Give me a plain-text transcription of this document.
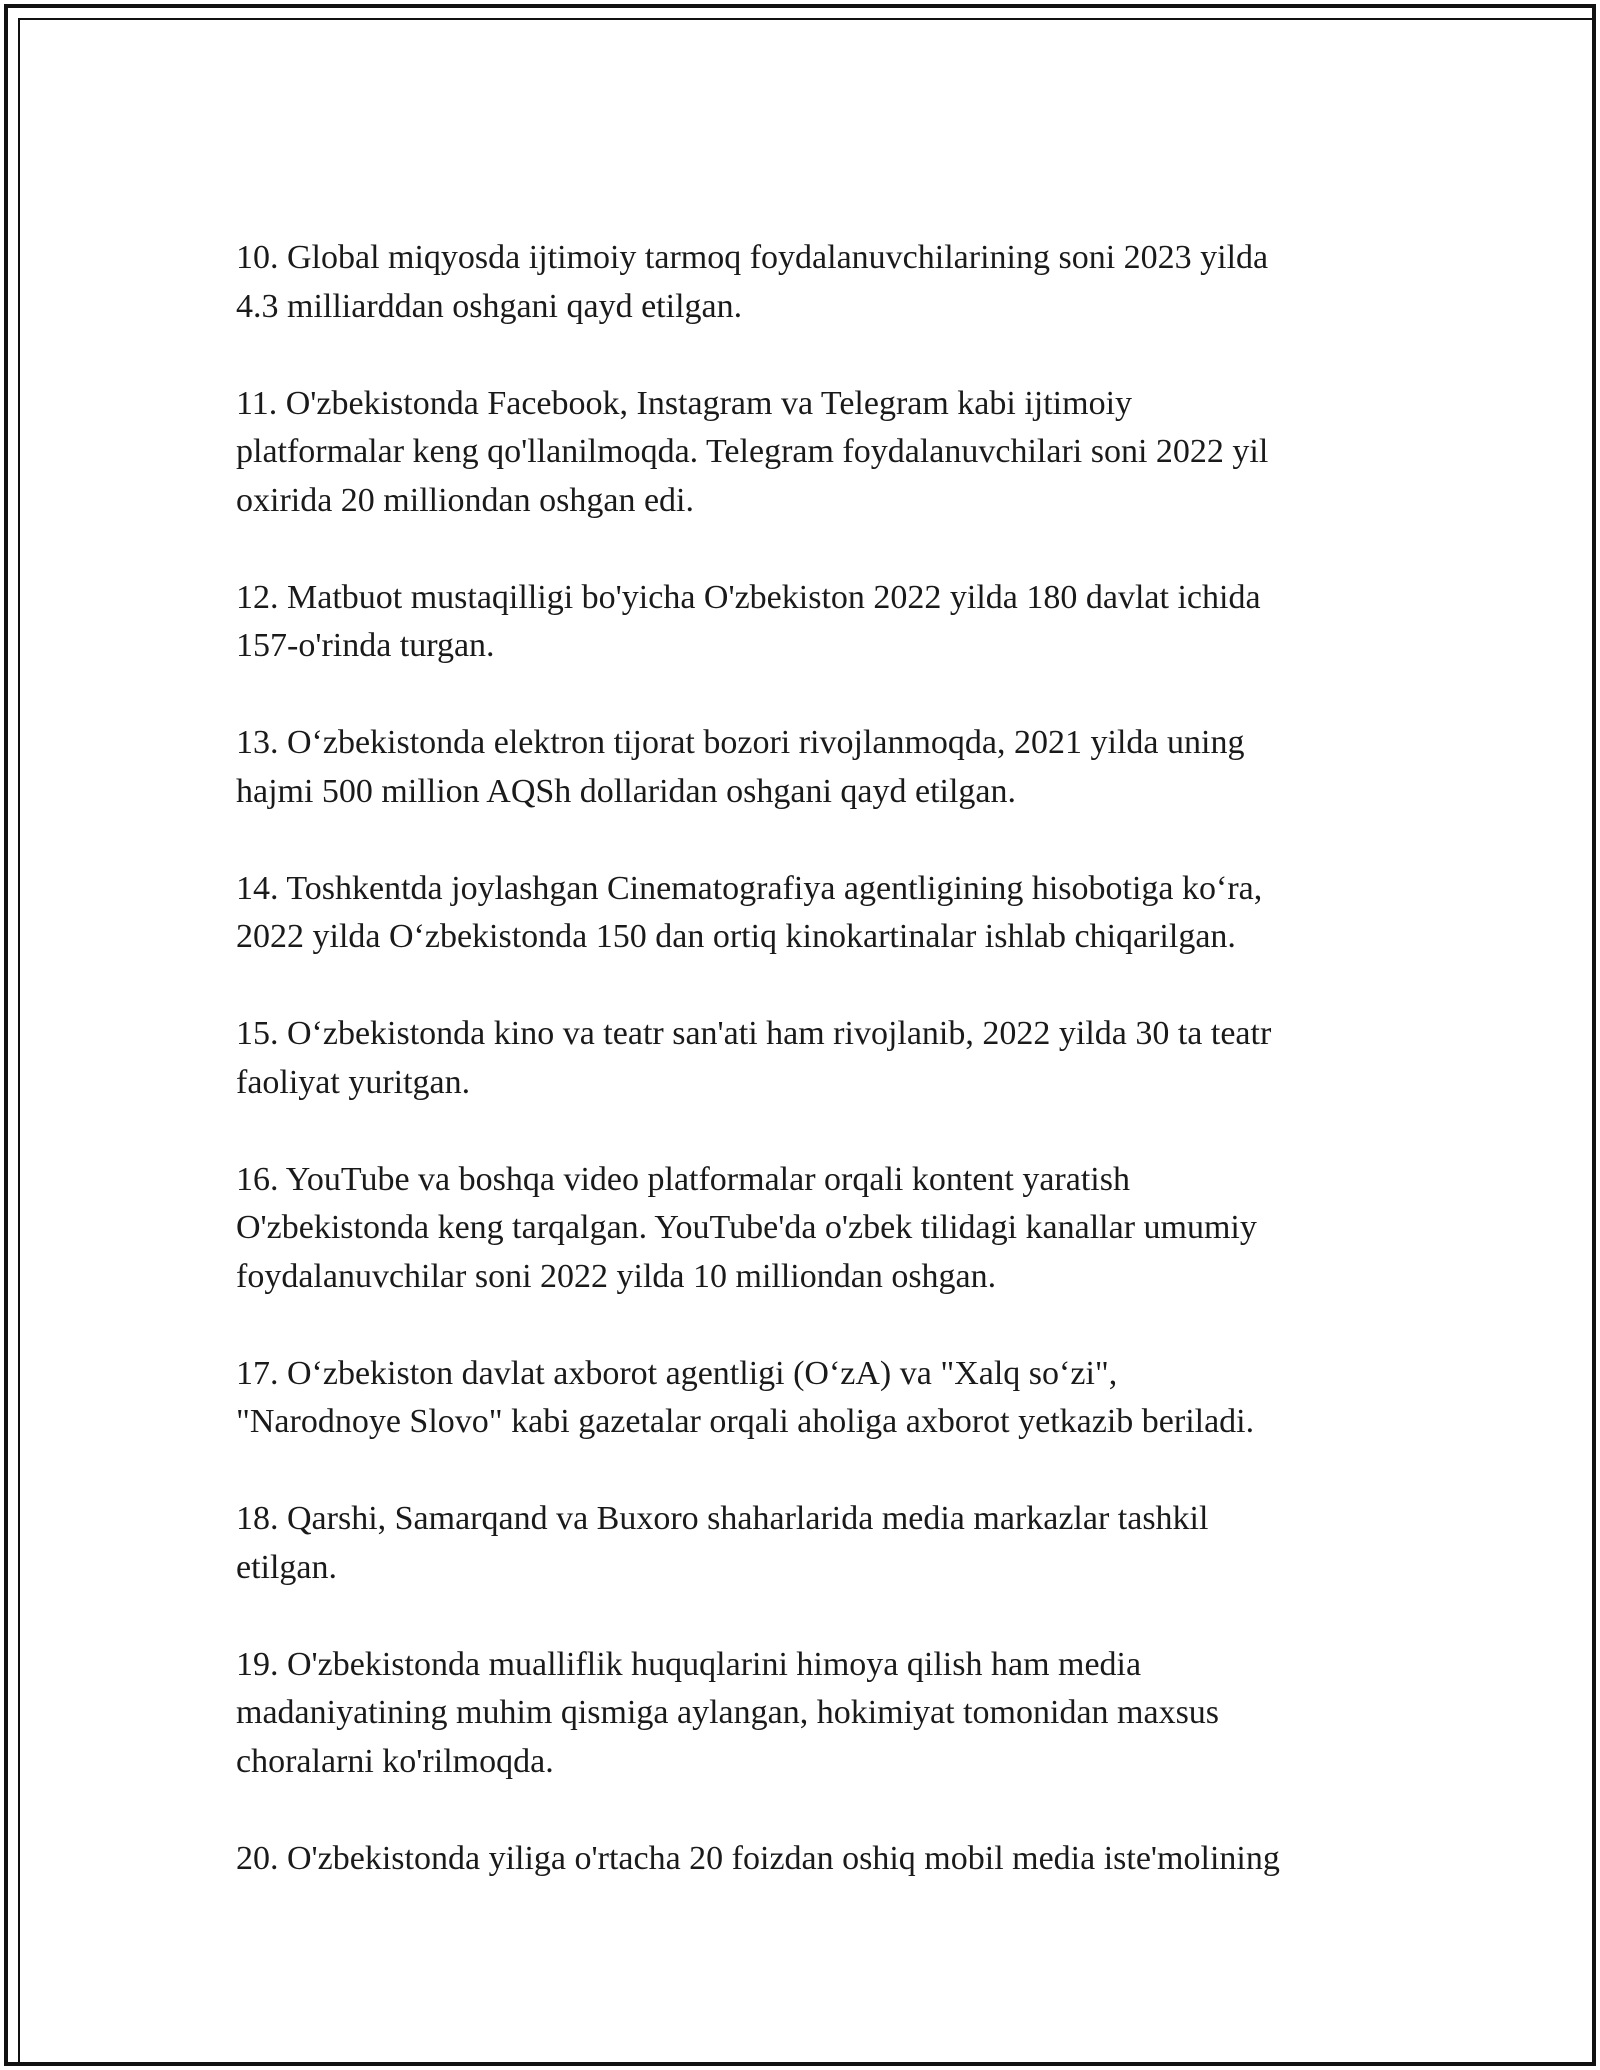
10. Global miqyosda ijtimoiy tarmoq foydalanuvchilarining soni 2023 yilda
4.3 milliarddan oshgani qayd etilgan.

11. O'zbekistonda Facebook, Instagram va Telegram kabi ijtimoiy
platformalar keng qo'llanilmoqda. Telegram foydalanuvchilari soni 2022 yil
oxirida 20 milliondan oshgan edi.

12. Matbuot mustaqilligi bo'yicha O'zbekiston 2022 yilda 180 davlat ichida
157-o'rinda turgan.

13. O‘zbekistonda elektron tijorat bozori rivojlanmoqda, 2021 yilda uning
hajmi 500 million AQSh dollaridan oshgani qayd etilgan.

14. Toshkentda joylashgan Cinematografiya agentligining hisobotiga ko‘ra,
2022 yilda O‘zbekistonda 150 dan ortiq kinokartinalar ishlab chiqarilgan.

15. O‘zbekistonda kino va teatr san'ati ham rivojlanib, 2022 yilda 30 ta teatr
faoliyat yuritgan.

16. YouTube va boshqa video platformalar orqali kontent yaratish
O'zbekistonda keng tarqalgan. YouTube'da o'zbek tilidagi kanallar umumiy
foydalanuvchilar soni 2022 yilda 10 milliondan oshgan.

17. O‘zbekiston davlat axborot agentligi (O‘zA) va "Xalq so‘zi",
"Narodnoye Slovo" kabi gazetalar orqali aholiga axborot yetkazib beriladi.

18. Qarshi, Samarqand va Buxoro shaharlarida media markazlar tashkil
etilgan.

19. O'zbekistonda mualliflik huquqlarini himoya qilish ham media
madaniyatining muhim qismiga aylangan, hokimiyat tomonidan maxsus
choralarni ko'rilmoqda.

20. O'zbekistonda yiliga o'rtacha 20 foizdan oshiq mobil media iste'molining
